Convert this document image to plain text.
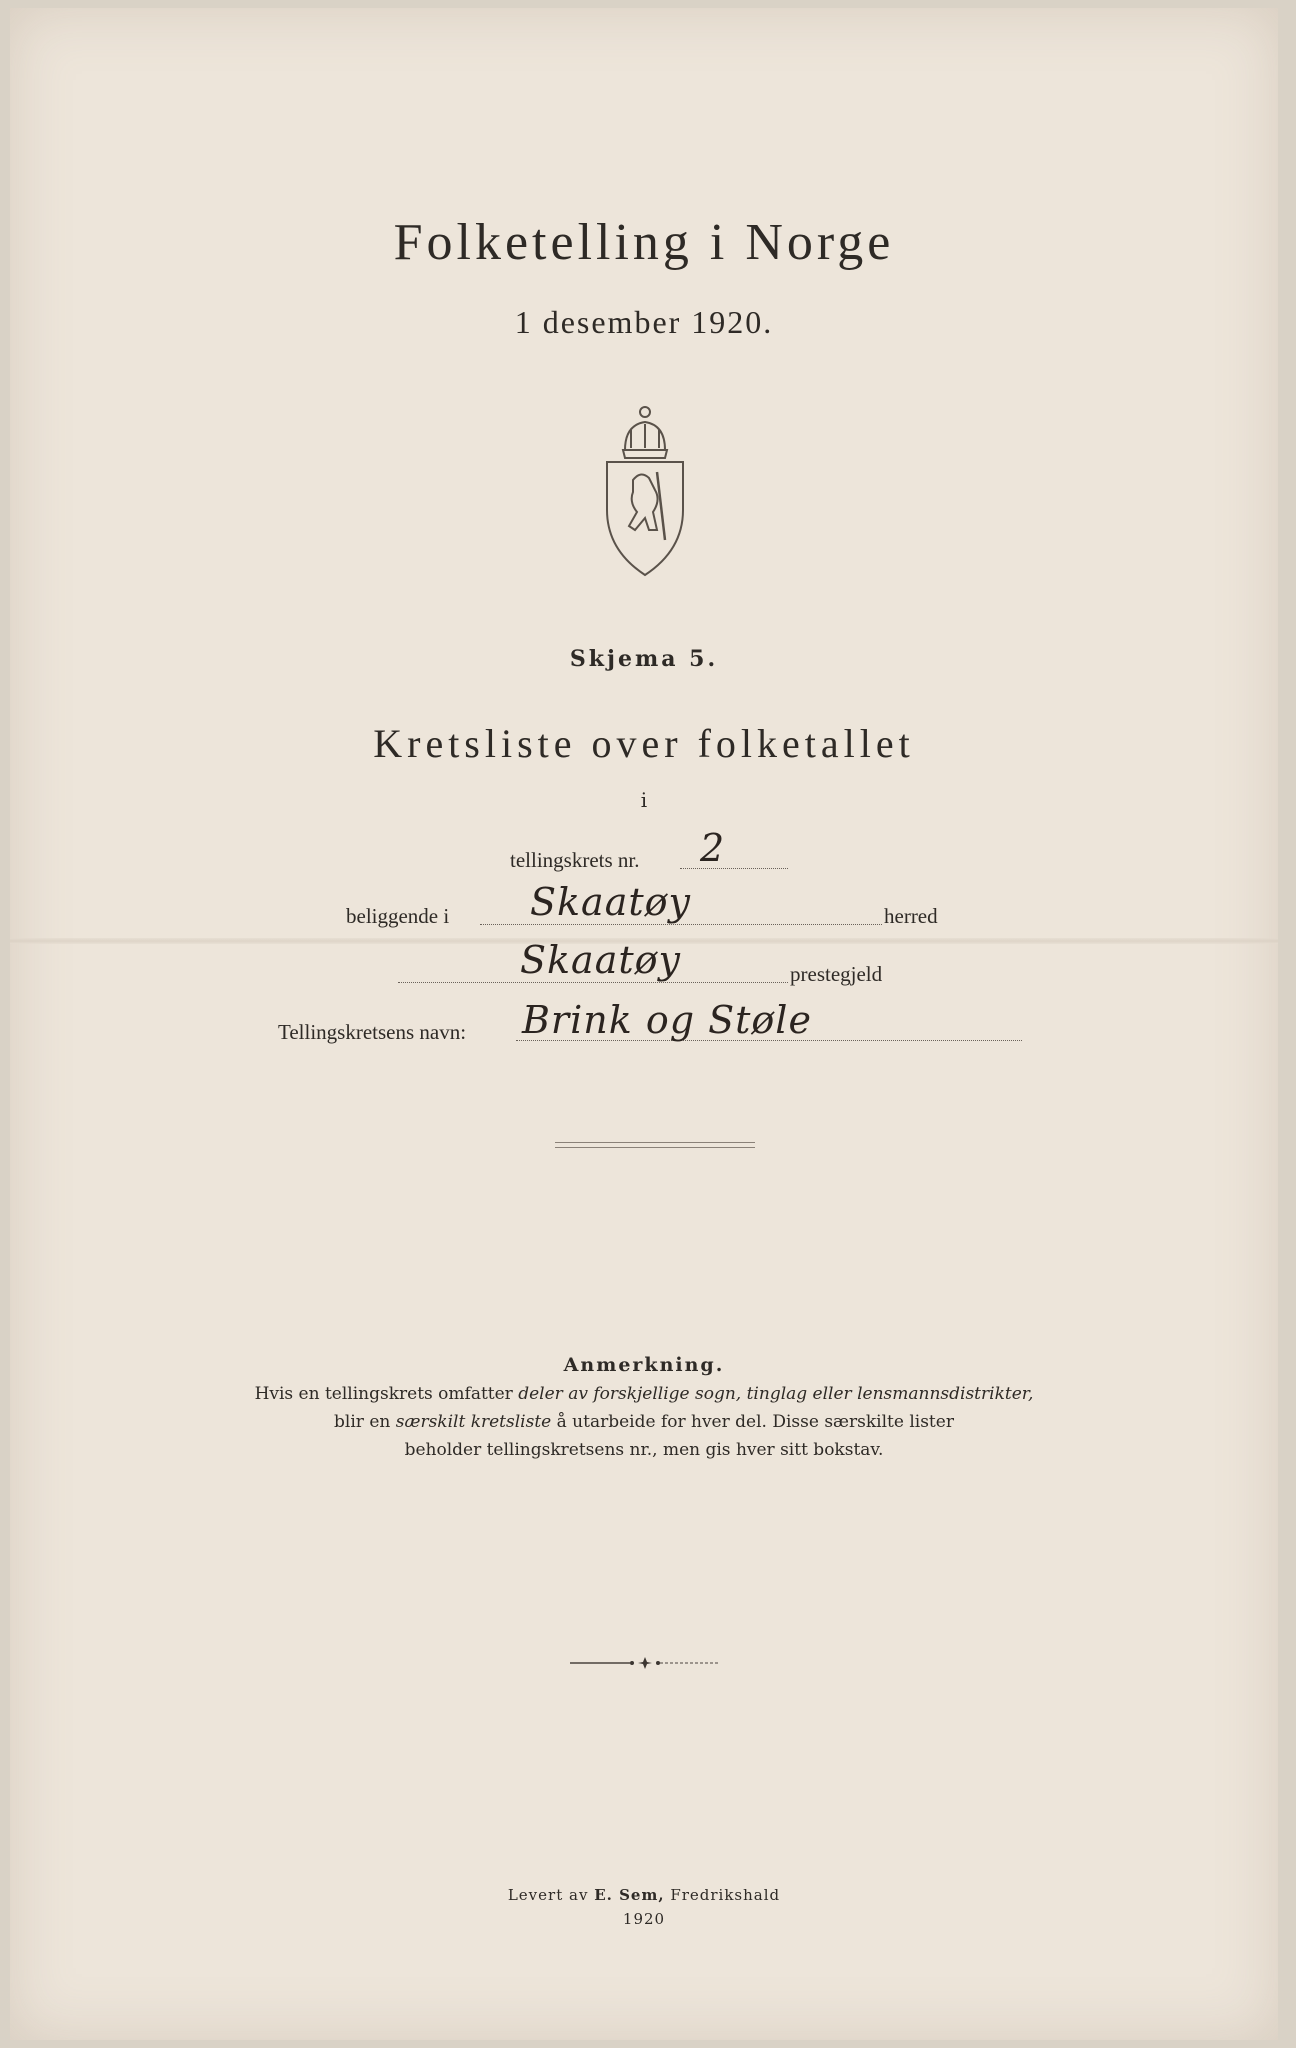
Folketelling i Norge
1 desember 1920.
Skjema 5.
Kretsliste over folketallet
i
tellingskrets nr. 2
beliggende i Skaatøy	herred
Skaatøy	prestegjeld
Tellingskretsens navn: Brink og Støle
Anmerkning.
Hvis en tellingskrets omfatter deler av forskjellige sogn, tinglag eller lensmannsdistrikter,
blir en særskilt kretsliste å utarbeide for hver del. Disse særskilte lister
beholder tellingskretsens nr., men gis hver sitt bokstav.
Levert av E. Sem, Fredrikshald
1920
